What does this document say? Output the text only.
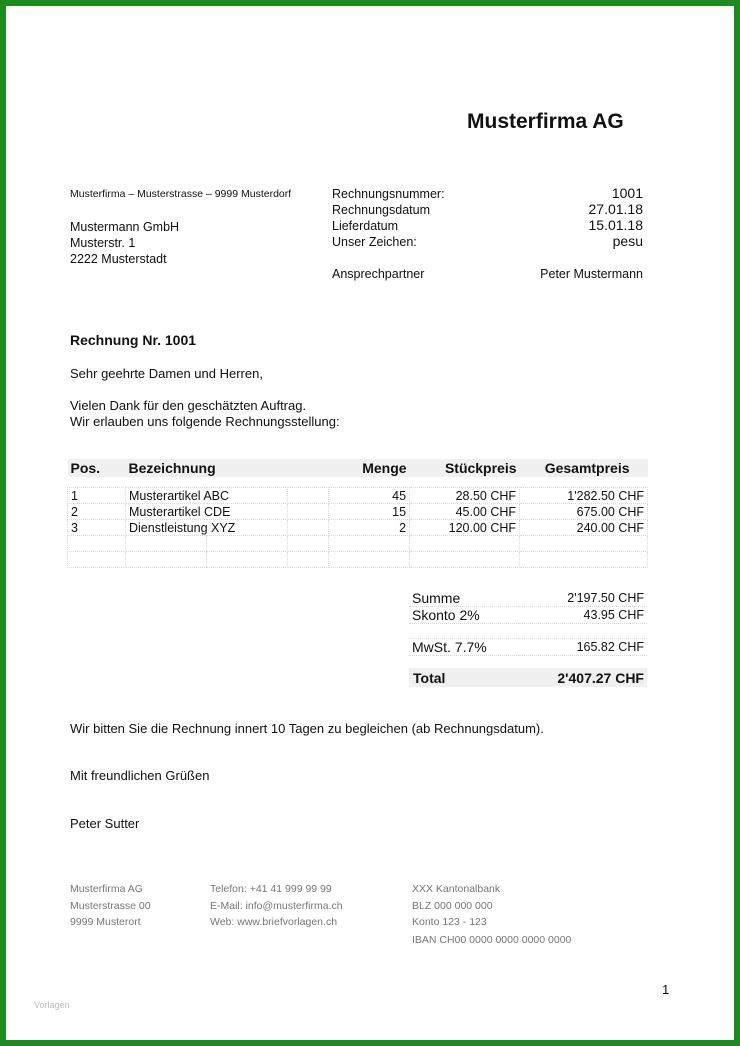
Musterfirma AG
Musterfirma – Musterstrasse – 9999 Musterdorf
Mustermann GmbH
Musterstr. 1
2222 Musterstadt
Rechnungsnummer:	1001
Rechnungsdatum	27.01.18
Lieferdatum	15.01.18
Unser Zeichen:	pesu
Ansprechpartner	Peter Mustermann
Rechnung Nr. 1001
Sehr geehrte Damen und Herren,
Vielen Dank für den geschätzten Auftrag.
Wir erlauben uns folgende Rechnungsstellung:
Pos.	Bezeichnung			Menge	Stückpreis	Gesamtpreis

1	Musterartikel ABC			45	28.50 CHF	1'282.50 CHF
2	Musterartikel CDE			15	45.00 CHF	675.00 CHF
3	Dienstleistung XYZ			2	120.00 CHF	240.00 CHF

Summe	2'197.50 CHF
Skonto 2%	43.95 CHF

MwSt. 7.7%	165.82 CHF
Total	2'407.27 CHF
Wir bitten Sie die Rechnung innert 10 Tagen zu begleichen (ab Rechnungsdatum).
Mit freundlichen Grüßen
Peter Sutter
Musterfirma AG
Musterstrasse 00
9999 Musterort
Telefon: +41 41 999 99 99
E-Mail: info@musterfirma.ch
Web: www.briefvorlagen.ch
XXX Kantonalbank
BLZ 000 000 000
Konto 123 - 123
IBAN CH00 0000 0000 0000 0000
1
Vorlagen
